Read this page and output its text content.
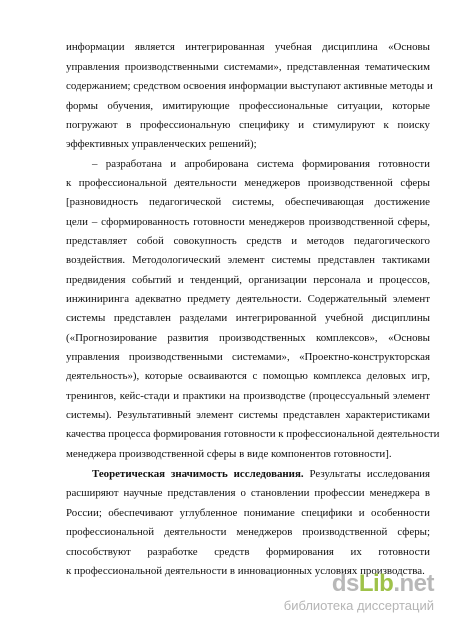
информации является интегрированная учебная дисциплина «Основы
управления производственными системами», представленная тематическим
содержанием; средством освоения информации выступают активные методы и
формы обучения, имитирующие профессиональные ситуации, которые
погружают в профессиональную специфику и стимулируют к поиску
эффективных управленческих решений);
– разработана и апробирована система формирования готовности
к профессиональной деятельности менеджеров производственной сферы
[разновидность педагогической системы, обеспечивающая достижение
цели – сформированность готовности менеджеров производственной сферы,
представляет собой совокупность средств и методов педагогического
воздействия. Методологический элемент системы представлен тактиками
предвидения событий и тенденций, организации персонала и процессов,
инжиниринга адекватно предмету деятельности. Содержательный элемент
системы представлен разделами интегрированной учебной дисциплины
(«Прогнозирование развития производственных комплексов», «Основы
управления производственными системами», «Проектно-конструкторская
деятельность»), которые осваиваются с помощью комплекса деловых игр,
тренингов, кейс-стади и практики на производстве (процессуальный элемент
системы). Результативный элемент системы представлен характеристиками
качества процесса формирования готовности к профессиональной деятельности
менеджера производственной сферы в виде компонентов готовности].
Теоретическая значимость исследования. Результаты исследования
расширяют научные представления о становлении профессии менеджера в
России; обеспечивают углубленное понимание специфики и особенности
профессиональной деятельности менеджеров производственной сферы;
способствуют разработке средств формирования их готовности
к профессиональной деятельности в инновационных условиях производства.
ds Lib . net
библиотека диссертаций
